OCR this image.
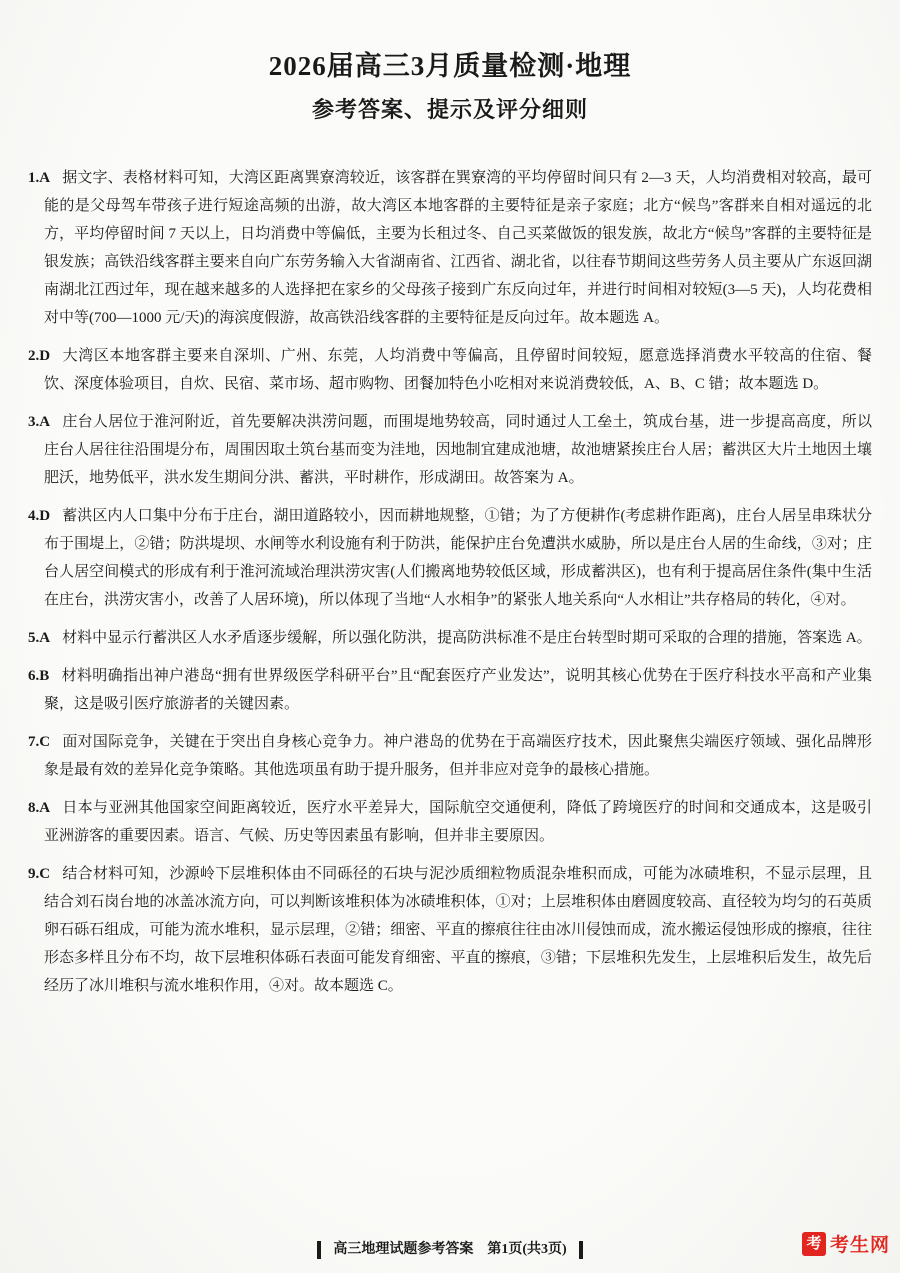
2026届高三3月质量检测·地理
参考答案、提示及评分细则
1.A 据文字、表格材料可知，大湾区距离巽寮湾较近，该客群在巽寮湾的平均停留时间只有 2—3 天，人均消费相对较高，最可能的是父母驾车带孩子进行短途高频的出游，故大湾区本地客群的主要特征是亲子家庭；北方“候鸟”客群来自相对遥远的北方，平均停留时间 7 天以上，日均消费中等偏低，主要为长租过冬、自己买菜做饭的银发族，故北方“候鸟”客群的主要特征是银发族；高铁沿线客群主要来自向广东劳务输入大省湖南省、江西省、湖北省，以往春节期间这些劳务人员主要从广东返回湖南湖北江西过年，现在越来越多的人选择把在家乡的父母孩子接到广东反向过年，并进行时间相对较短(3—5 天)，人均花费相对中等(700—1000 元/天)的海滨度假游，故高铁沿线客群的主要特征是反向过年。故本题选 A。
2.D 大湾区本地客群主要来自深圳、广州、东莞，人均消费中等偏高，且停留时间较短，愿意选择消费水平较高的住宿、餐饮、深度体验项目，自炊、民宿、菜市场、超市购物、团餐加特色小吃相对来说消费较低，A、B、C 错；故本题选 D。
3.A 庄台人居位于淮河附近，首先要解决洪涝问题，而围堤地势较高，同时通过人工垒土，筑成台基，进一步提高高度，所以庄台人居往往沿围堤分布，周围因取土筑台基而变为洼地，因地制宜建成池塘，故池塘紧挨庄台人居；蓄洪区大片土地因土壤肥沃，地势低平，洪水发生期间分洪、蓄洪，平时耕作，形成湖田。故答案为 A。
4.D 蓄洪区内人口集中分布于庄台，湖田道路较小，因而耕地规整，①错；为了方便耕作(考虑耕作距离)，庄台人居呈串珠状分布于围堤上，②错；防洪堤坝、水闸等水利设施有利于防洪，能保护庄台免遭洪水威胁，所以是庄台人居的生命线，③对；庄台人居空间模式的形成有利于淮河流域治理洪涝灾害(人们搬离地势较低区域，形成蓄洪区)，也有利于提高居住条件(集中生活在庄台，洪涝灾害小，改善了人居环境)，所以体现了当地“人水相争”的紧张人地关系向“人水相让”共存格局的转化，④对。
5.A 材料中显示行蓄洪区人水矛盾逐步缓解，所以强化防洪，提高防洪标准不是庄台转型时期可采取的合理的措施，答案选 A。
6.B 材料明确指出神户港岛“拥有世界级医学科研平台”且“配套医疗产业发达”，说明其核心优势在于医疗科技水平高和产业集聚，这是吸引医疗旅游者的关键因素。
7.C 面对国际竞争，关键在于突出自身核心竞争力。神户港岛的优势在于高端医疗技术，因此聚焦尖端医疗领域、强化品牌形象是最有效的差异化竞争策略。其他选项虽有助于提升服务，但并非应对竞争的最核心措施。
8.A 日本与亚洲其他国家空间距离较近，医疗水平差异大，国际航空交通便利，降低了跨境医疗的时间和交通成本，这是吸引亚洲游客的重要因素。语言、气候、历史等因素虽有影响，但并非主要原因。
9.C 结合材料可知，沙源岭下层堆积体由不同砾径的石块与泥沙质细粒物质混杂堆积而成，可能为冰碛堆积，不显示层理，且结合刘石岗台地的冰盖冰流方向，可以判断该堆积体为冰碛堆积体，①对；上层堆积体由磨圆度较高、直径较为均匀的石英质卵石砾石组成，可能为流水堆积，显示层理，②错；细密、平直的擦痕往往由冰川侵蚀而成，流水搬运侵蚀形成的擦痕，往往形态多样且分布不均，故下层堆积体砾石表面可能发育细密、平直的擦痕，③错；下层堆积先发生，上层堆积后发生，故先后经历了冰川堆积与流水堆积作用，④对。故本题选 C。
高三地理试题参考答案　第1页(共3页)	考 考生网
